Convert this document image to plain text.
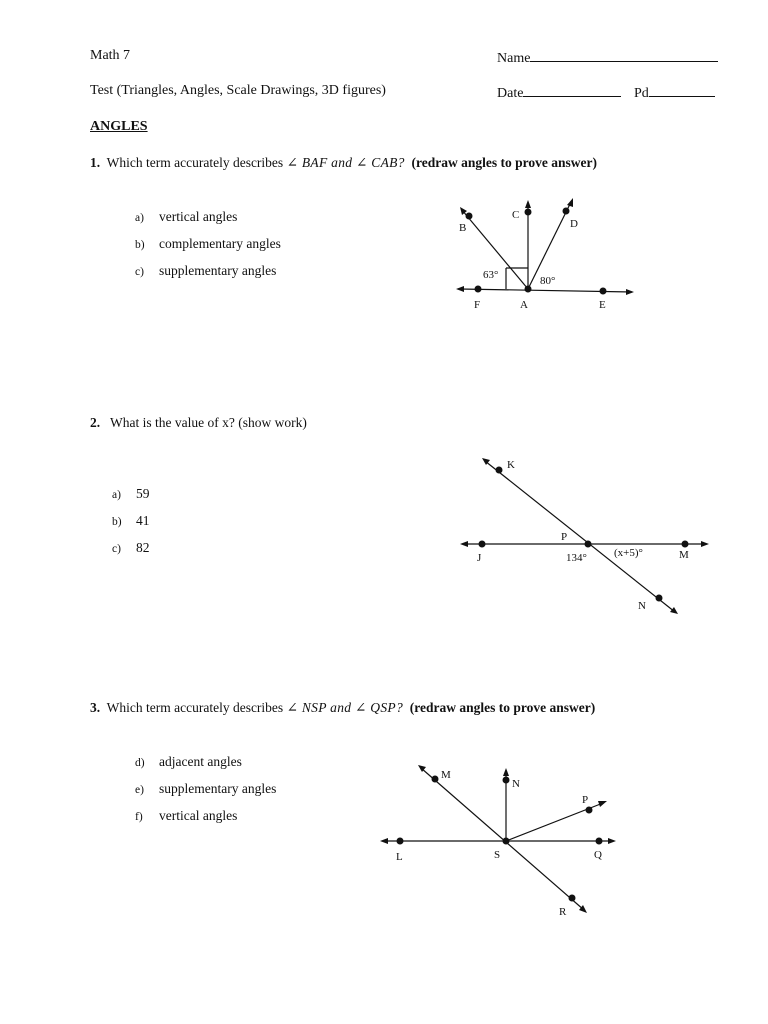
Math 7	Name
Test (Triangles, Angles, Scale Drawings, 3D figures)	Date	Pd
ANGLES
1. Which term accurately describes ∠ BAF and ∠ CAB? (redraw angles to prove answer)
a) vertical angles
b) complementary angles
c) supplementary angles
B
C
D
F	A	E
63°	80°
K
P
J	M
N
134° (x+5)°
M
N
P
L	S	Q
R
2. What is the value of x? (show work)
a) 59
b) 41
c) 82
3. Which term accurately describes ∠ NSP and ∠ QSP? (redraw angles to prove answer)
d) adjacent angles
e) supplementary angles
f) vertical angles
